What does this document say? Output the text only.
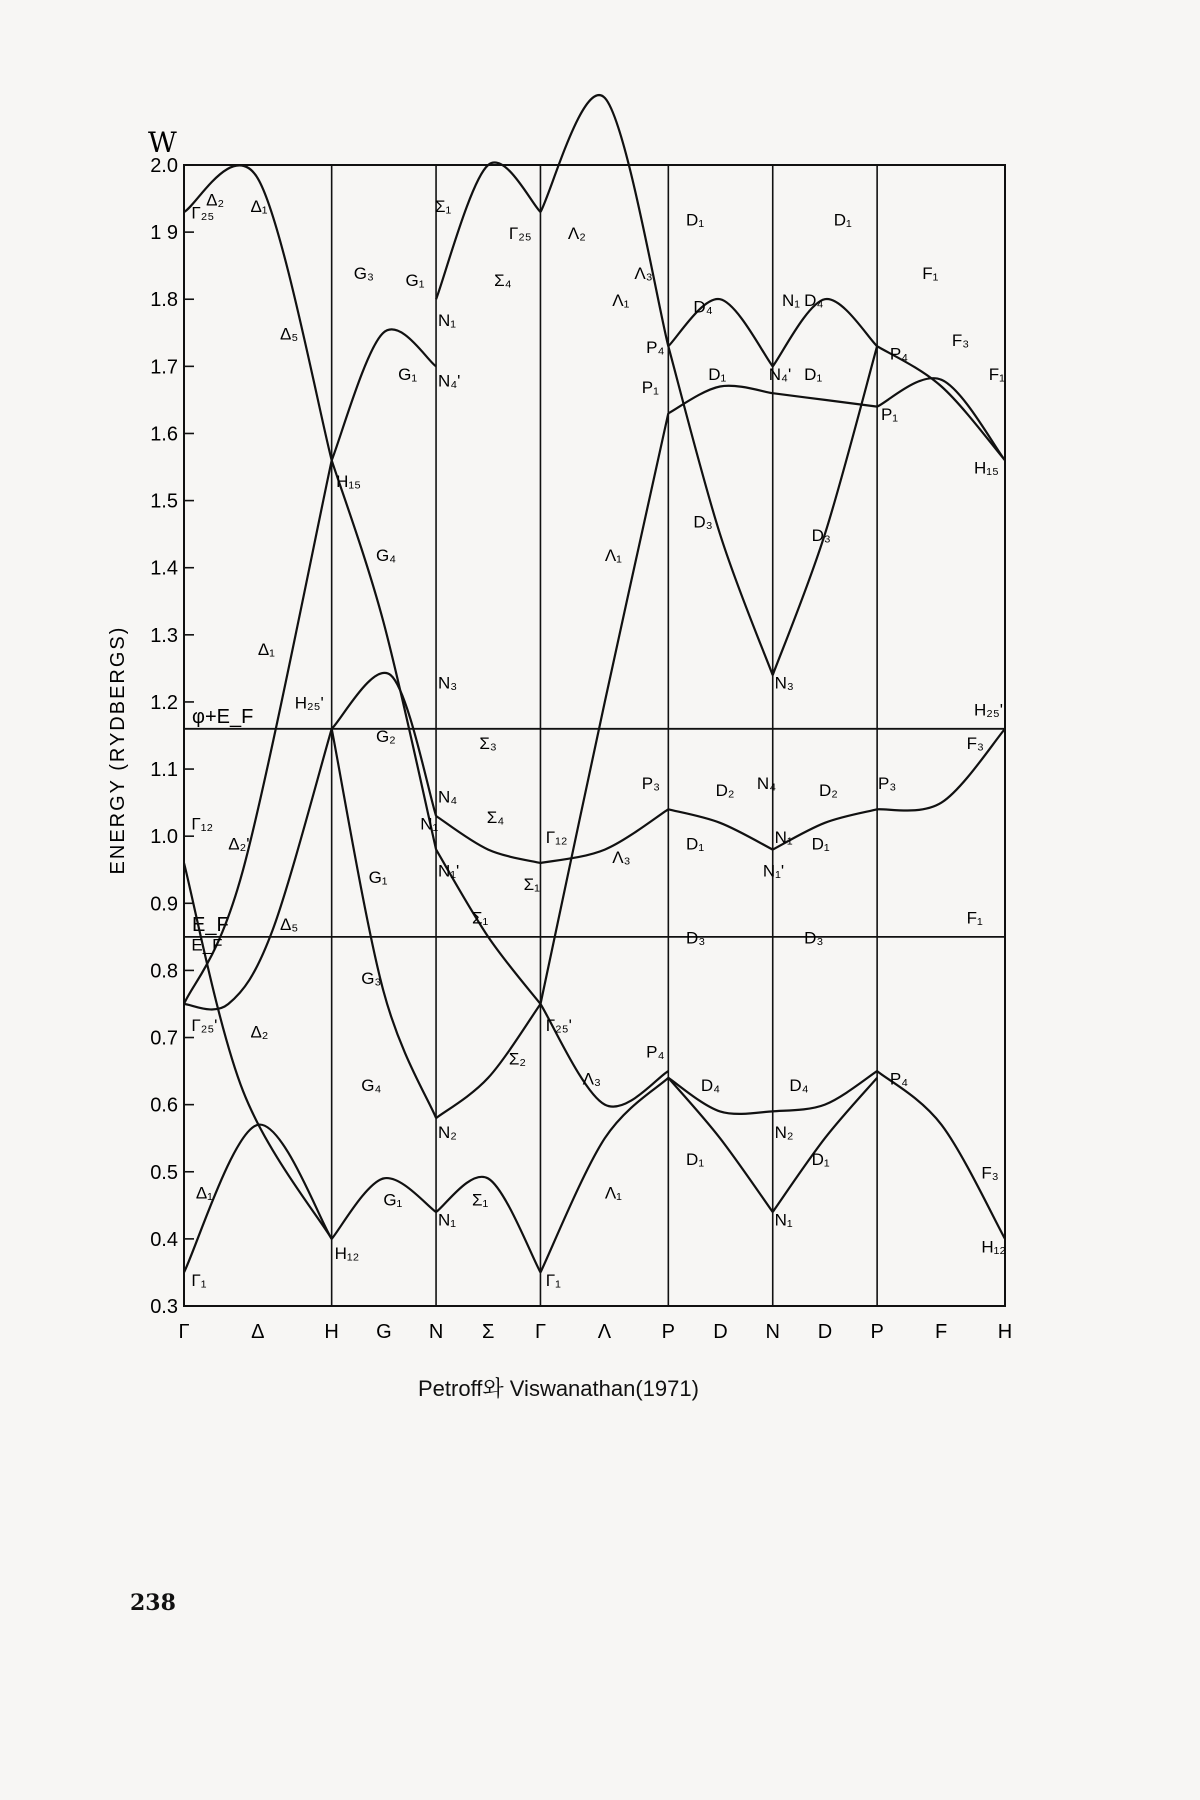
W
ENERGY (RYDBERGS)	φ+E_F
E_F
0.3
0.4
0.5
0.6
0.7
0.8
0.9
1.0
1.1
1.2
1.3
1.4
1.5
1.6
1.7
1.8
1 9
2.0
Γ	Δ	H G N Σ Γ	Λ	P D N D P	F	H
Γ₁
Γ₁₂
Γ₂₅'
Γ₂₅
E_F
Δ₁
Δ₂
Δ₂'
Δ₅
Δ₁
Δ₅
Δ₂ Δ₁
H₁₂
H₁₅
H₂₅'
G₁
G₄
G₃
G₁
G₂
G₄
G₁
G₃ G₁
N₁
N₂
N₁'
N₁
N₄
N₃
N₄'
N₁
Σ₁
Σ₂
Σ₁
Σ₁
Σ₄
Σ₃
Σ₄
Σ₁
Γ₁
Γ₂₅'
Γ₁₂
Γ₂₅ Λ₂
Λ₁
Λ₃
Λ₃
Λ₁
Λ₁
Λ₃
P₄
P₃
P₁
P₄
D₁
D₄
D₃
D₁
D₂
D₃
D₁
D₄
D₁
N₁
N₂
N₁'
N₁
N₄
N₃
N₄'
N₁
D₁
D₄
D₃
D₁
D₂
D₃
D₁
D₄
D₁
P₄
P₃
P₁
P₄
F₃
F₁
F₃
F₃
F₁
F₁
H₁₂
H₂₅'
H₁₅
Petroff와 Viswanathan(1971)
238
